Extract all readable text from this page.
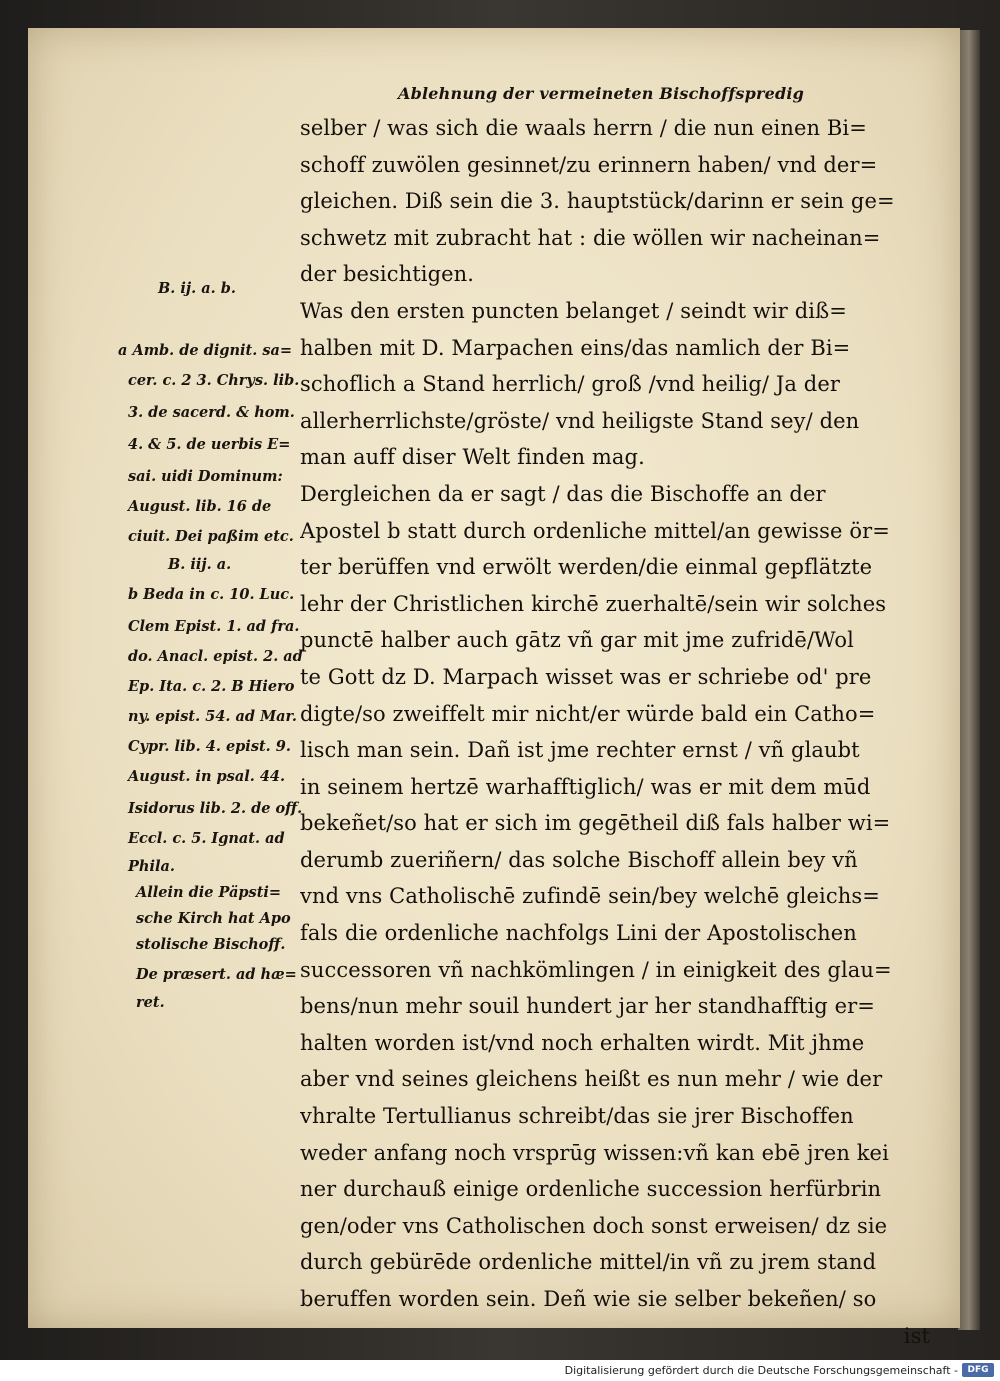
Ablehnung der vermeineten Bischoffspredig
selber / was sich die waals herrn / die nun einen Bi=
schoff zuwölen gesinnet/zu erinnern haben/ vnd der=
gleichen. Diß sein die 3. hauptstück/darinn er sein ge=
schwetz mit zubracht hat : die wöllen wir nacheinan=
der besichtigen.
Was den ersten puncten belanget / seindt wir diß=
halben mit D. Marpachen eins/das namlich der Bi=
schoflich a Stand herrlich/ groß /vnd heilig/ Ja der
allerherrlichste/gröste/ vnd heiligste Stand sey/ den
man auff diser Welt finden mag.
Dergleichen da er sagt / das die Bischoffe an der
Apostel b statt durch ordenliche mittel/an gewisse ör=
ter berüffen vnd erwölt werden/die einmal gepflätzte
lehr der Christlichen kirchē zuerhaltē/sein wir solches
punctē halber auch gātz vñ gar mit jme zufridē/Wol
te Gott dz D. Marpach wisset was er schriebe od' pre
digte/so zweiffelt mir nicht/er würde bald ein Catho=
lisch man sein. Dañ ist jme rechter ernst / vñ glaubt
in seinem hertzē warhafftiglich/ was er mit dem mūd
bekeñet/so hat er sich im gegētheil diß fals halber wi=
derumb zueriñern/ das solche Bischoff allein bey vñ
vnd vns Catholischē zufindē sein/bey welchē gleichs=
fals die ordenliche nachfolgs Lini der Apostolischen
successoren vñ nachkömlingen / in einigkeit des glau=
bens/nun mehr souil hundert jar her standhafftig er=
halten worden ist/vnd noch erhalten wirdt. Mit jhme
aber vnd seines gleichens heißt es nun mehr / wie der
vhralte Tertullianus schreibt/das sie jrer Bischoffen
weder anfang noch vrsprūg wissen:vñ kan ebē jren kei
ner durchauß einige ordenliche succession herfürbrin
gen/oder vns Catholischen doch sonst erweisen/ dz sie
durch gebürēde ordenliche mittel/in vñ zu jrem stand
beruffen worden sein. Deñ wie sie selber bekeñen/ so
ist
B. ij. a. b.
a Amb. de dignit. sa=
cer. c. 2 3. Chrys. lib.
3. de sacerd. & hom.
4. & 5. de uerbis E=
sai. uidi Dominum:
August. lib. 16 de
ciuit. Dei paßim etc.
B. iij. a.
b Beda in c. 10. Luc.
Clem Epist. 1. ad fra.
do. Anacl. epist. 2. ad
Ep. Ita. c. 2. B Hiero
ny. epist. 54. ad Mar.
Cypr. lib. 4. epist. 9.
August. in psal. 44.
Isidorus lib. 2. de off.
Eccl. c. 5. Ignat. ad
Phila.
Allein die Päpsti=
sche Kirch hat Apo
stolische Bischoff.
De præsert. ad hæ=
ret.
Digitalisierung gefördert durch die Deutsche Forschungsgemeinschaft -	DFG
